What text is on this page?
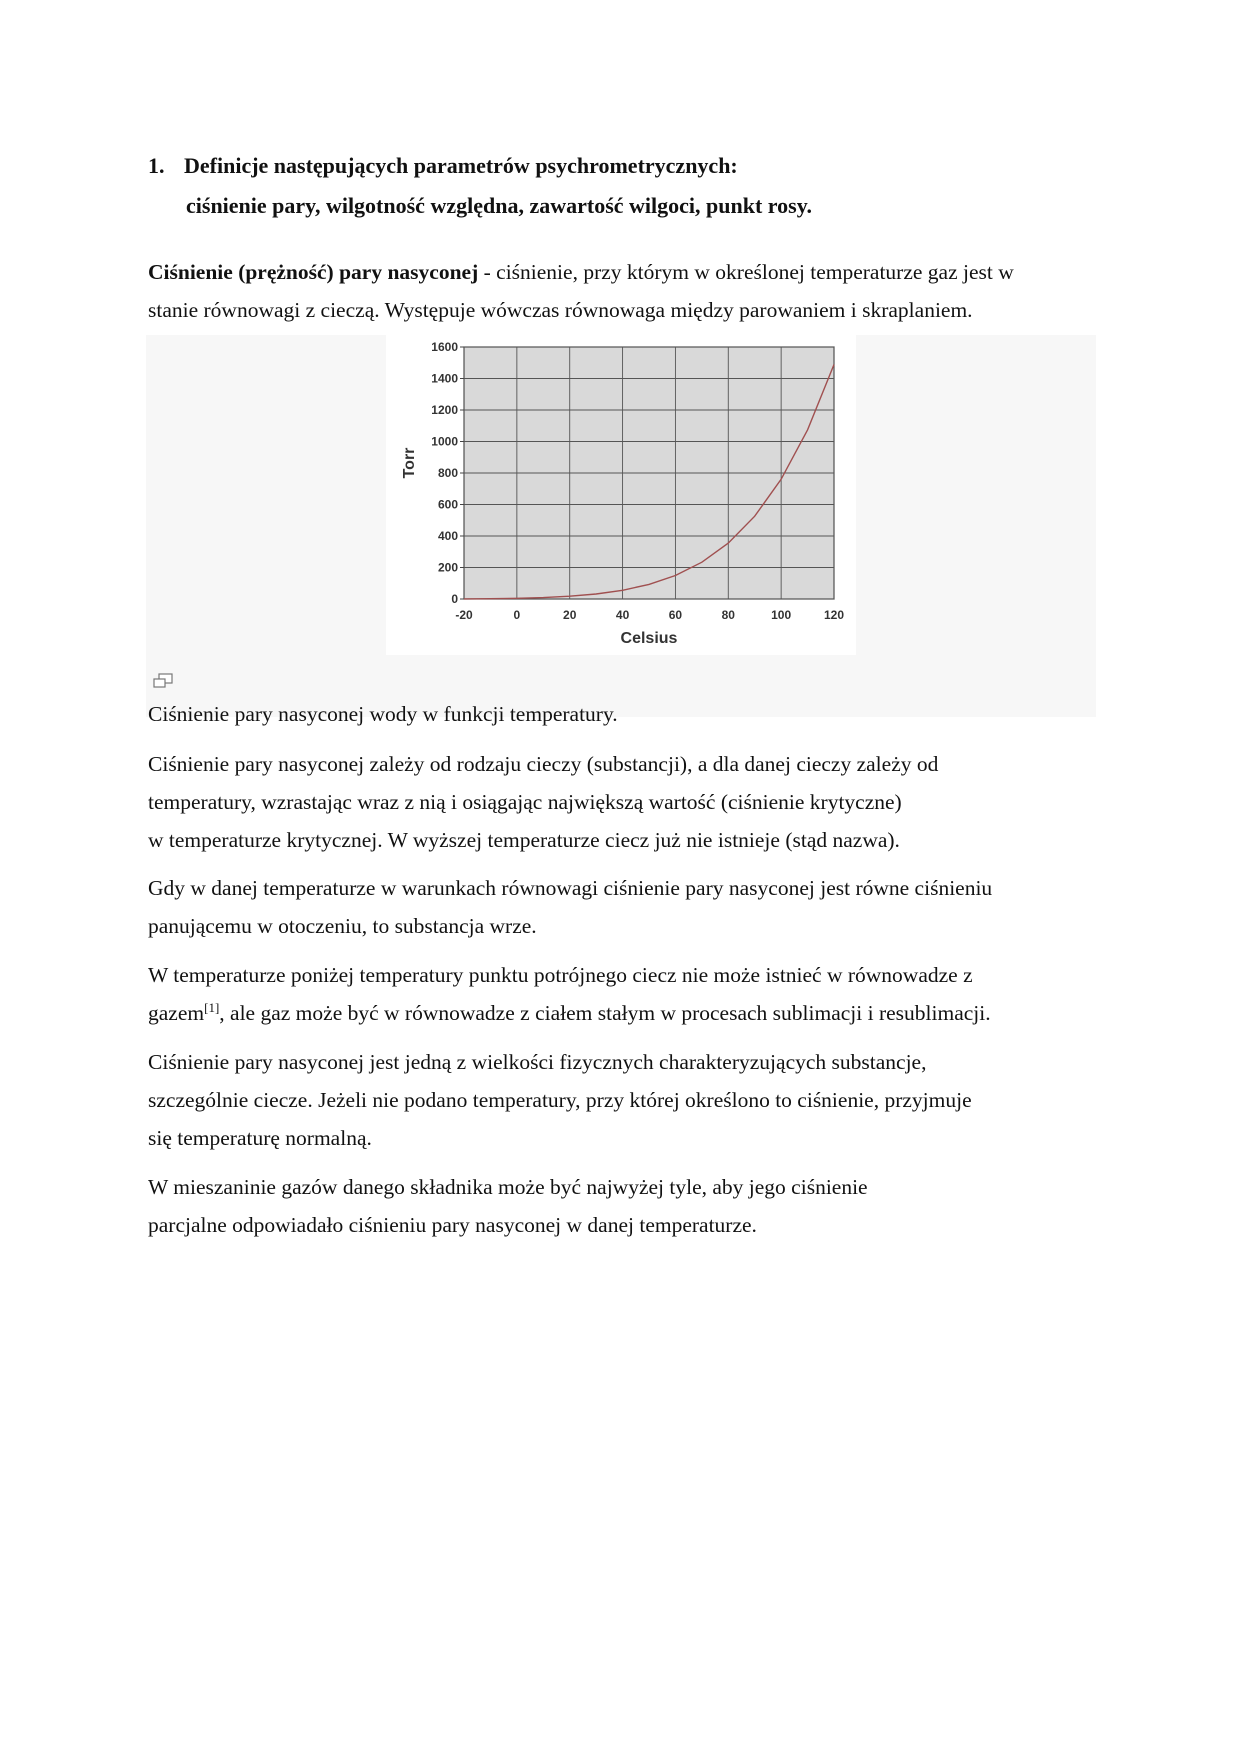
1. Definicje następujących parametrów psychrometrycznych:
ciśnienie pary, wilgotność względna, zawartość wilgoci, punkt rosy.
Ciśnienie (prężność) pary nasyconej - ciśnienie, przy którym w określonej temperaturze gaz jest w
stanie równowagi z cieczą. Występuje wówczas równowaga między parowaniem i skraplaniem.
-20	0	20	40	60	80	100	120
0
200
400
600
800
1000
1200
1400
1600
Celsius
Torr
Ciśnienie pary nasyconej wody w funkcji temperatury.
Ciśnienie pary nasyconej zależy od rodzaju cieczy (substancji), a dla danej cieczy zależy od
temperatury, wzrastając wraz z nią i osiągając największą wartość (ciśnienie krytyczne)
w temperaturze krytycznej. W wyższej temperaturze ciecz już nie istnieje (stąd nazwa).
Gdy w danej temperaturze w warunkach równowagi ciśnienie pary nasyconej jest równe ciśnieniu
panującemu w otoczeniu, to substancja wrze.
W temperaturze poniżej temperatury punktu potrójnego ciecz nie może istnieć w równowadze z
gazem[1], ale gaz może być w równowadze z ciałem stałym w procesach sublimacji i resublimacji.
Ciśnienie pary nasyconej jest jedną z wielkości fizycznych charakteryzujących substancje,
szczególnie ciecze. Jeżeli nie podano temperatury, przy której określono to ciśnienie, przyjmuje
się temperaturę normalną.
W mieszaninie gazów danego składnika może być najwyżej tyle, aby jego ciśnienie
parcjalne odpowiadało ciśnieniu pary nasyconej w danej temperaturze.
